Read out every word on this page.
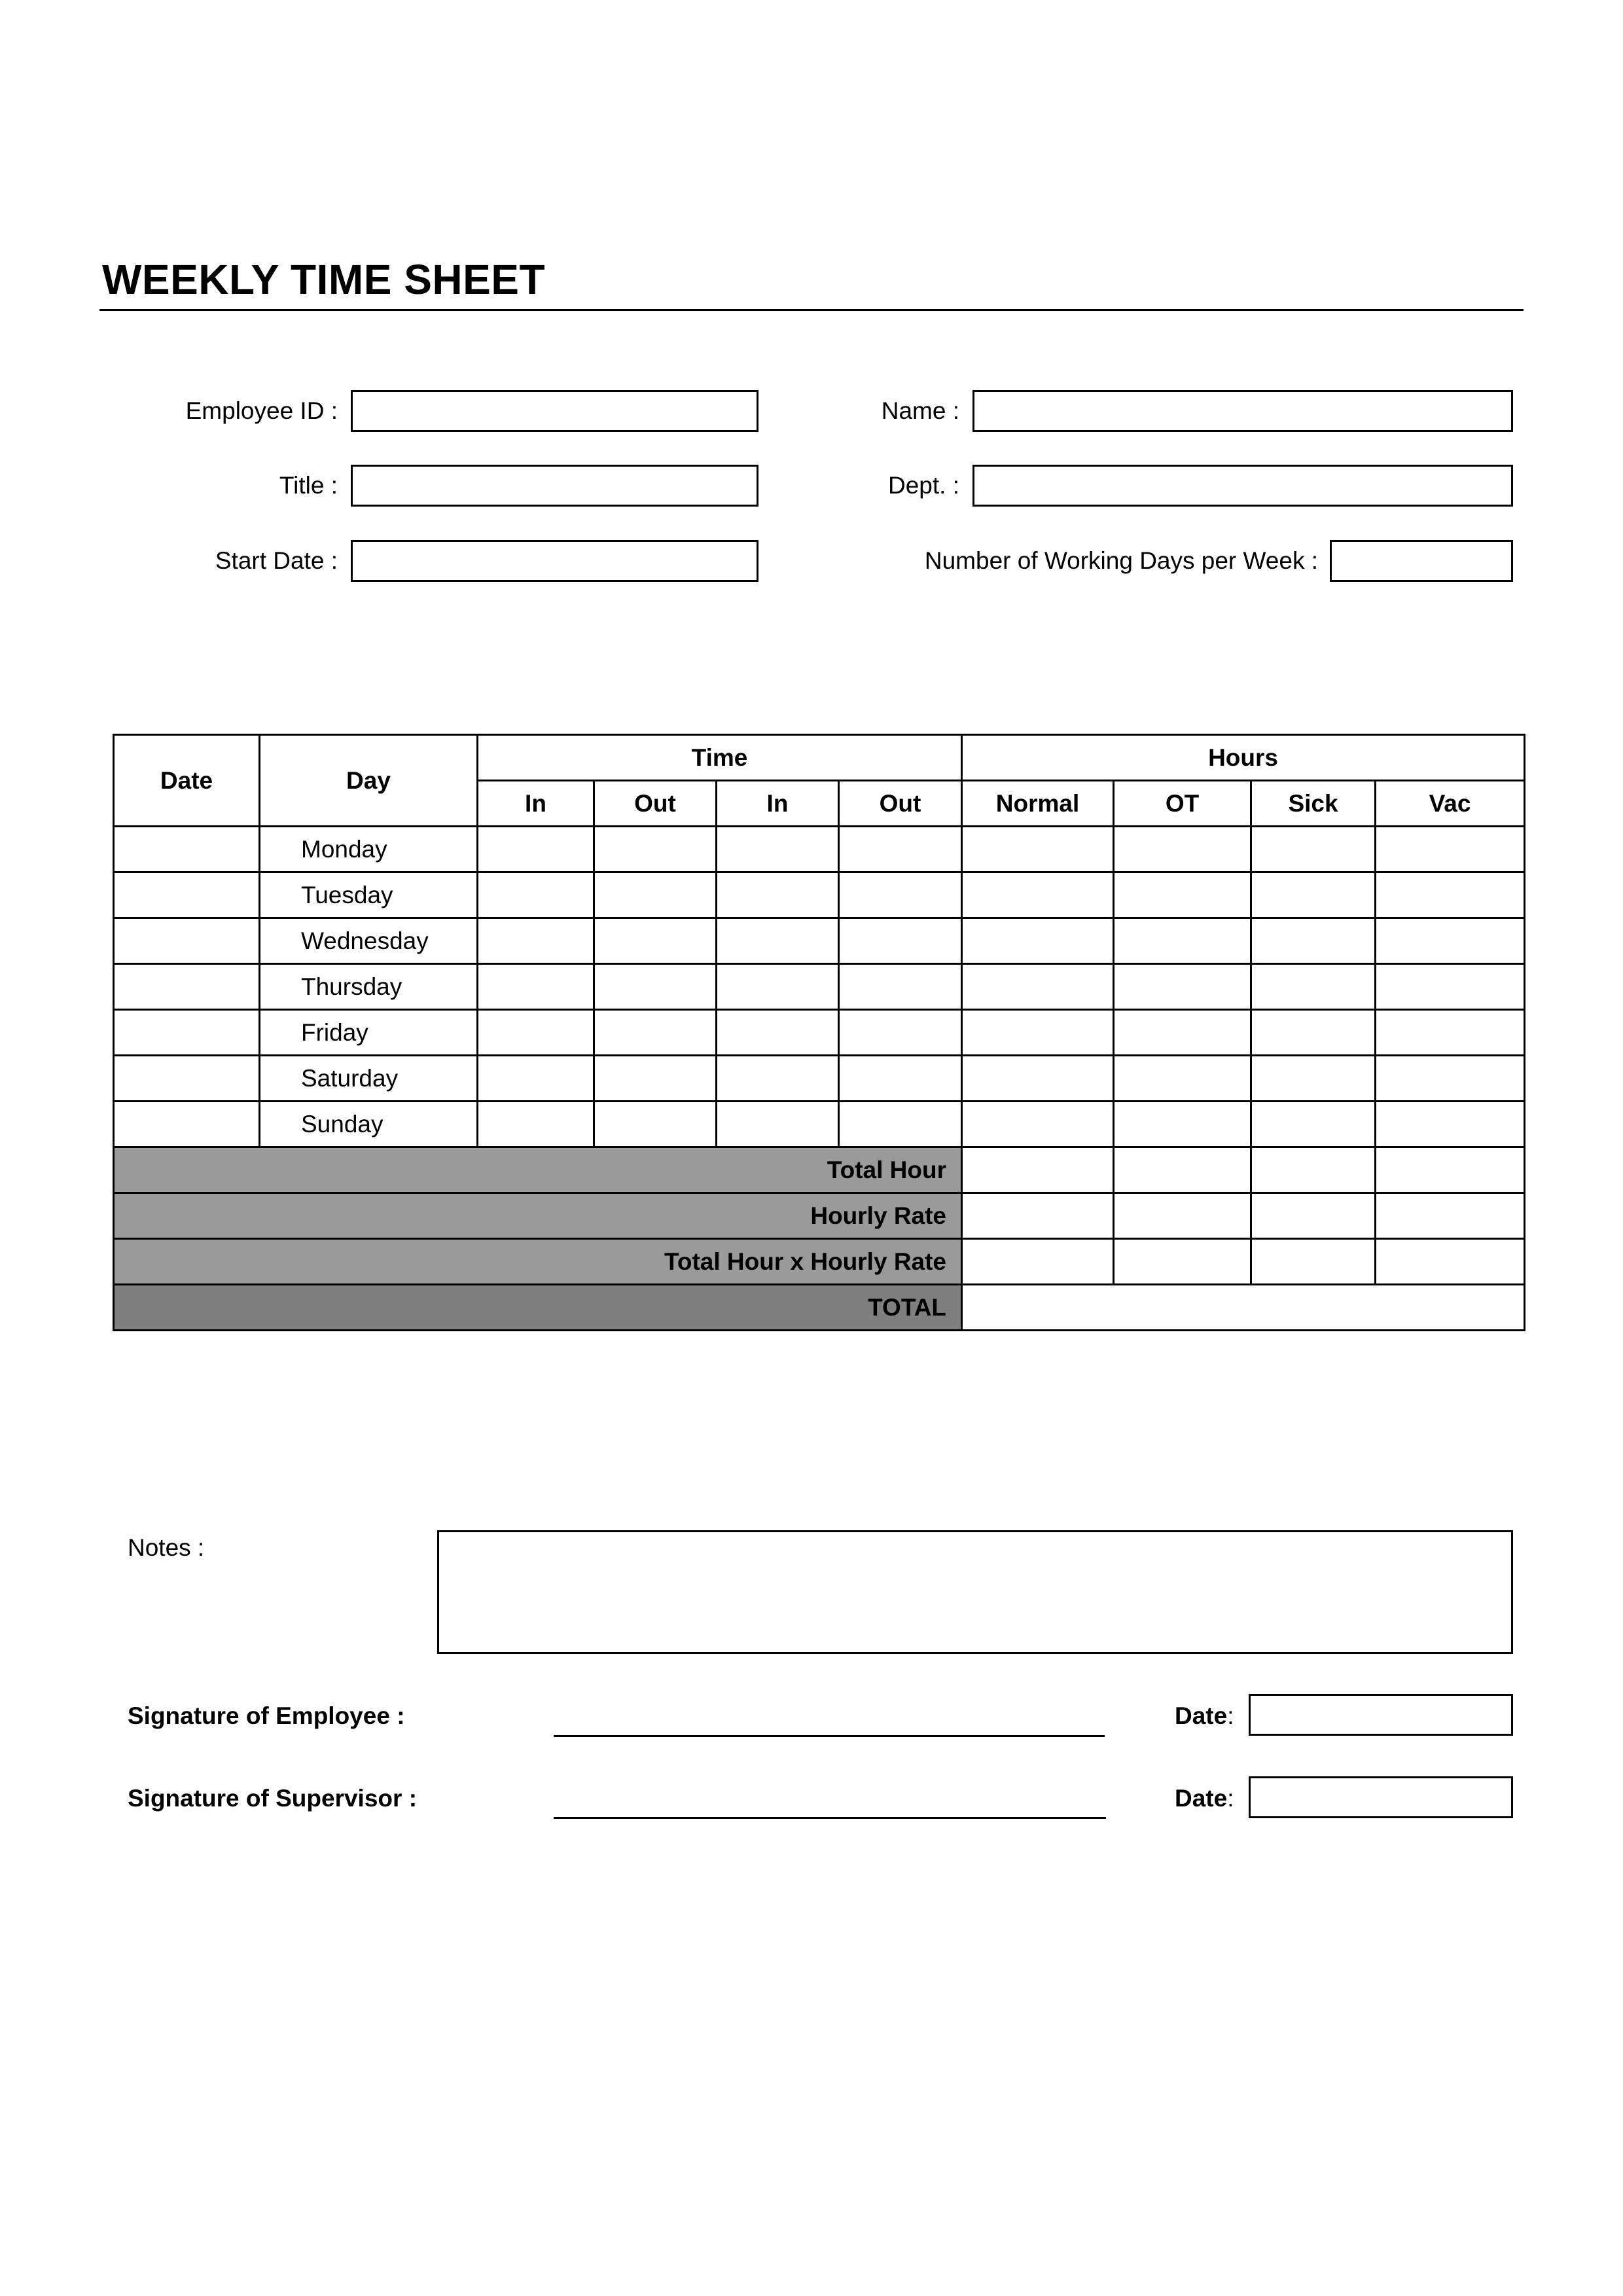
WEEKLY TIME SHEET
Employee ID :	Name :
Title :	Dept. :
Start Date :	Number of Working Days per Week :
Date	Day	Time				Hours			
		In	Out	In	Out	Normal	OT	Sick	Vac
	Monday								
	Tuesday								
	Wednesday								
	Thursday								
	Friday								
	Saturday								
	Sunday								
Total Hour									
Hourly Rate									
Total Hour x Hourly Rate									
TOTAL									
Notes :
Signature of Employee :	Date:
Signature of Supervisor :	Date:
